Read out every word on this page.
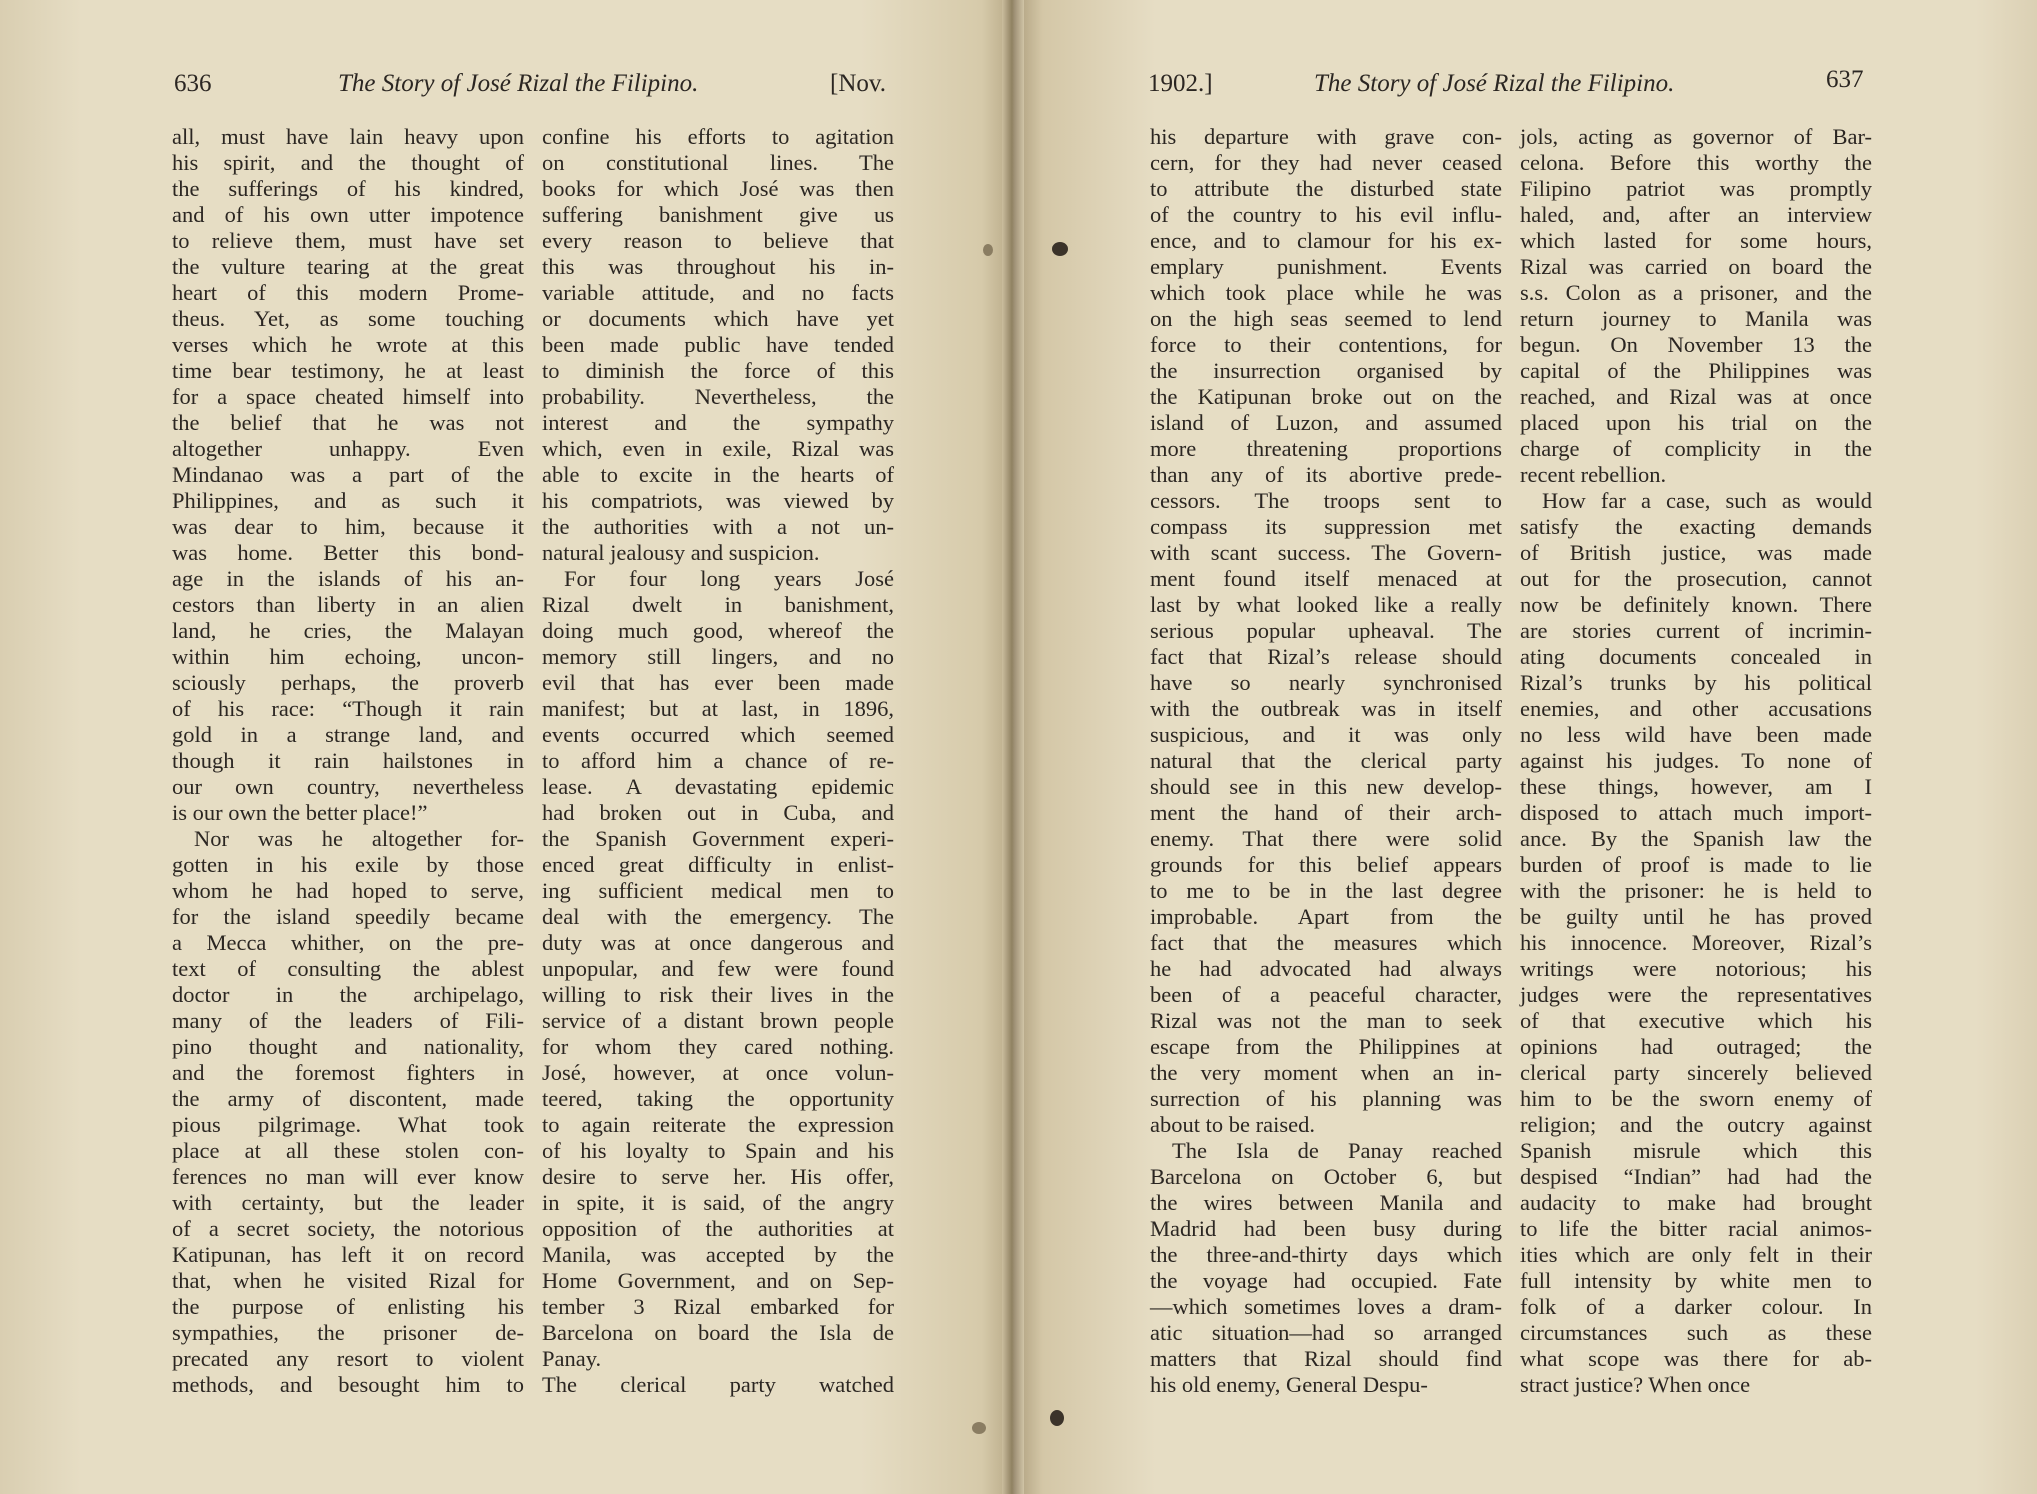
636	The Story of José Rizal the Filipino.	[Nov.
all, must have lain heavy upon
his spirit, and the thought of
the sufferings of his kindred,
and of his own utter impotence
to relieve them, must have set
the vulture tearing at the great
heart of this modern Prome-
theus. Yet, as some touching
verses which he wrote at this
time bear testimony, he at least
for a space cheated himself into
the belief that he was not
altogether unhappy. Even
Mindanao was a part of the
Philippines, and as such it
was dear to him, because it
was home. Better this bond-
age in the islands of his an-
cestors than liberty in an alien
land, he cries, the Malayan
within him echoing, uncon-
sciously perhaps, the proverb
of his race: “Though it rain
gold in a strange land, and
though it rain hailstones in
our own country, nevertheless
is our own the better place!”
Nor was he altogether for-
gotten in his exile by those
whom he had hoped to serve,
for the island speedily became
a Mecca whither, on the pre-
text of consulting the ablest
doctor in the archipelago,
many of the leaders of Fili-
pino thought and nationality,
and the foremost fighters in
the army of discontent, made
pious pilgrimage. What took
place at all these stolen con-
ferences no man will ever know
with certainty, but the leader
of a secret society, the notorious
Katipunan, has left it on record
that, when he visited Rizal for
the purpose of enlisting his
sympathies, the prisoner de-
precated any resort to violent
methods, and besought him to
confine his efforts to agitation
on constitutional lines. The
books for which José was then
suffering banishment give us
every reason to believe that
this was throughout his in-
variable attitude, and no facts
or documents which have yet
been made public have tended
to diminish the force of this
probability. Nevertheless, the
interest and the sympathy
which, even in exile, Rizal was
able to excite in the hearts of
his compatriots, was viewed by
the authorities with a not un-
natural jealousy and suspicion.
For four long years José
Rizal dwelt in banishment,
doing much good, whereof the
memory still lingers, and no
evil that has ever been made
manifest; but at last, in 1896,
events occurred which seemed
to afford him a chance of re-
lease. A devastating epidemic
had broken out in Cuba, and
the Spanish Government experi-
enced great difficulty in enlist-
ing sufficient medical men to
deal with the emergency. The
duty was at once dangerous and
unpopular, and few were found
willing to risk their lives in the
service of a distant brown people
for whom they cared nothing.
José, however, at once volun-
teered, taking the opportunity
to again reiterate the expression
of his loyalty to Spain and his
desire to serve her. His offer,
in spite, it is said, of the angry
opposition of the authorities at
Manila, was accepted by the
Home Government, and on Sep-
tember 3 Rizal embarked for
Barcelona on board the Isla de
Panay.
The clerical party watched
1902.]	The Story of José Rizal the Filipino.	637
his departure with grave con-
cern, for they had never ceased
to attribute the disturbed state
of the country to his evil influ-
ence, and to clamour for his ex-
emplary punishment. Events
which took place while he was
on the high seas seemed to lend
force to their contentions, for
the insurrection organised by
the Katipunan broke out on the
island of Luzon, and assumed
more threatening proportions
than any of its abortive prede-
cessors. The troops sent to
compass its suppression met
with scant success. The Govern-
ment found itself menaced at
last by what looked like a really
serious popular upheaval. The
fact that Rizal’s release should
have so nearly synchronised
with the outbreak was in itself
suspicious, and it was only
natural that the clerical party
should see in this new develop-
ment the hand of their arch-
enemy. That there were solid
grounds for this belief appears
to me to be in the last degree
improbable. Apart from the
fact that the measures which
he had advocated had always
been of a peaceful character,
Rizal was not the man to seek
escape from the Philippines at
the very moment when an in-
surrection of his planning was
about to be raised.
The Isla de Panay reached
Barcelona on October 6, but
the wires between Manila and
Madrid had been busy during
the three-and-thirty days which
the voyage had occupied. Fate
—which sometimes loves a dram-
atic situation—had so arranged
matters that Rizal should find
his old enemy, General Despu-
jols, acting as governor of Bar-
celona. Before this worthy the
Filipino patriot was promptly
haled, and, after an interview
which lasted for some hours,
Rizal was carried on board the
s.s. Colon as a prisoner, and the
return journey to Manila was
begun. On November 13 the
capital of the Philippines was
reached, and Rizal was at once
placed upon his trial on the
charge of complicity in the
recent rebellion.
How far a case, such as would
satisfy the exacting demands
of British justice, was made
out for the prosecution, cannot
now be definitely known. There
are stories current of incrimin-
ating documents concealed in
Rizal’s trunks by his political
enemies, and other accusations
no less wild have been made
against his judges. To none of
these things, however, am I
disposed to attach much import-
ance. By the Spanish law the
burden of proof is made to lie
with the prisoner: he is held to
be guilty until he has proved
his innocence. Moreover, Rizal’s
writings were notorious; his
judges were the representatives
of that executive which his
opinions had outraged; the
clerical party sincerely believed
him to be the sworn enemy of
religion; and the outcry against
Spanish misrule which this
despised “Indian” had had the
audacity to make had brought
to life the bitter racial animos-
ities which are only felt in their
full intensity by white men to
folk of a darker colour. In
circumstances such as these
what scope was there for ab-
stract justice? When once
